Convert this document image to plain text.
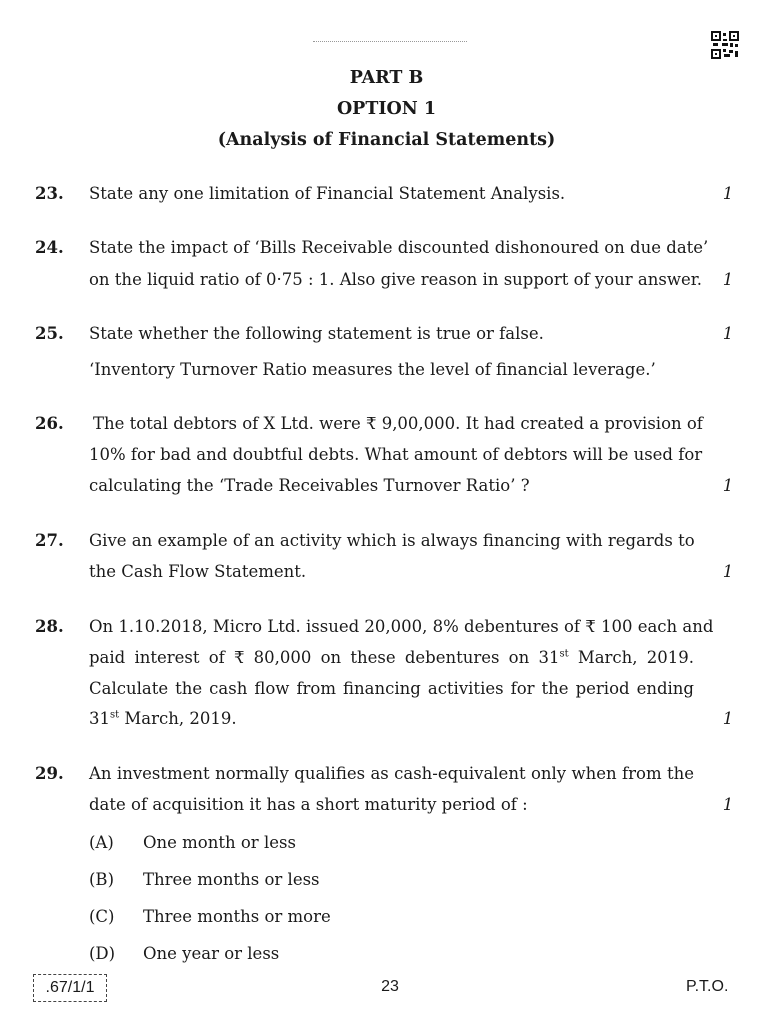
PART B
OPTION 1
(Analysis of Financial Statements)
23. State any one limitation of Financial Statement Analysis.	1
24. State the impact of ‘Bills Receivable discounted dishonoured on due date’
on the liquid ratio of 0·75 : 1. Also give reason in support of your answer. 1
25. State whether the following statement is true or false.	1
‘Inventory Turnover Ratio measures the level of financial leverage.’
26. The total debtors of X Ltd. were ₹ 9,00,000. It had created a provision of
10% for bad and doubtful debts. What amount of debtors will be used for
calculating the ‘Trade Receivables Turnover Ratio’ ?	1
27. Give an example of an activity which is always financing with regards to
the Cash Flow Statement.	1
28. On 1.10.2018, Micro Ltd. issued 20,000, 8% debentures of ₹ 100 each and
paid interest of ₹ 80,000 on these debentures on 31st March, 2019.
Calculate the cash flow from financing activities for the period ending
31st March, 2019.	1
29. An investment normally qualifies as cash-equivalent only when from the
date of acquisition it has a short maturity period of :	1
(A) One month or less
(B) Three months or less
(C) Three months or more
(D) One year or less
.67/1/1	23	P.T.O.
